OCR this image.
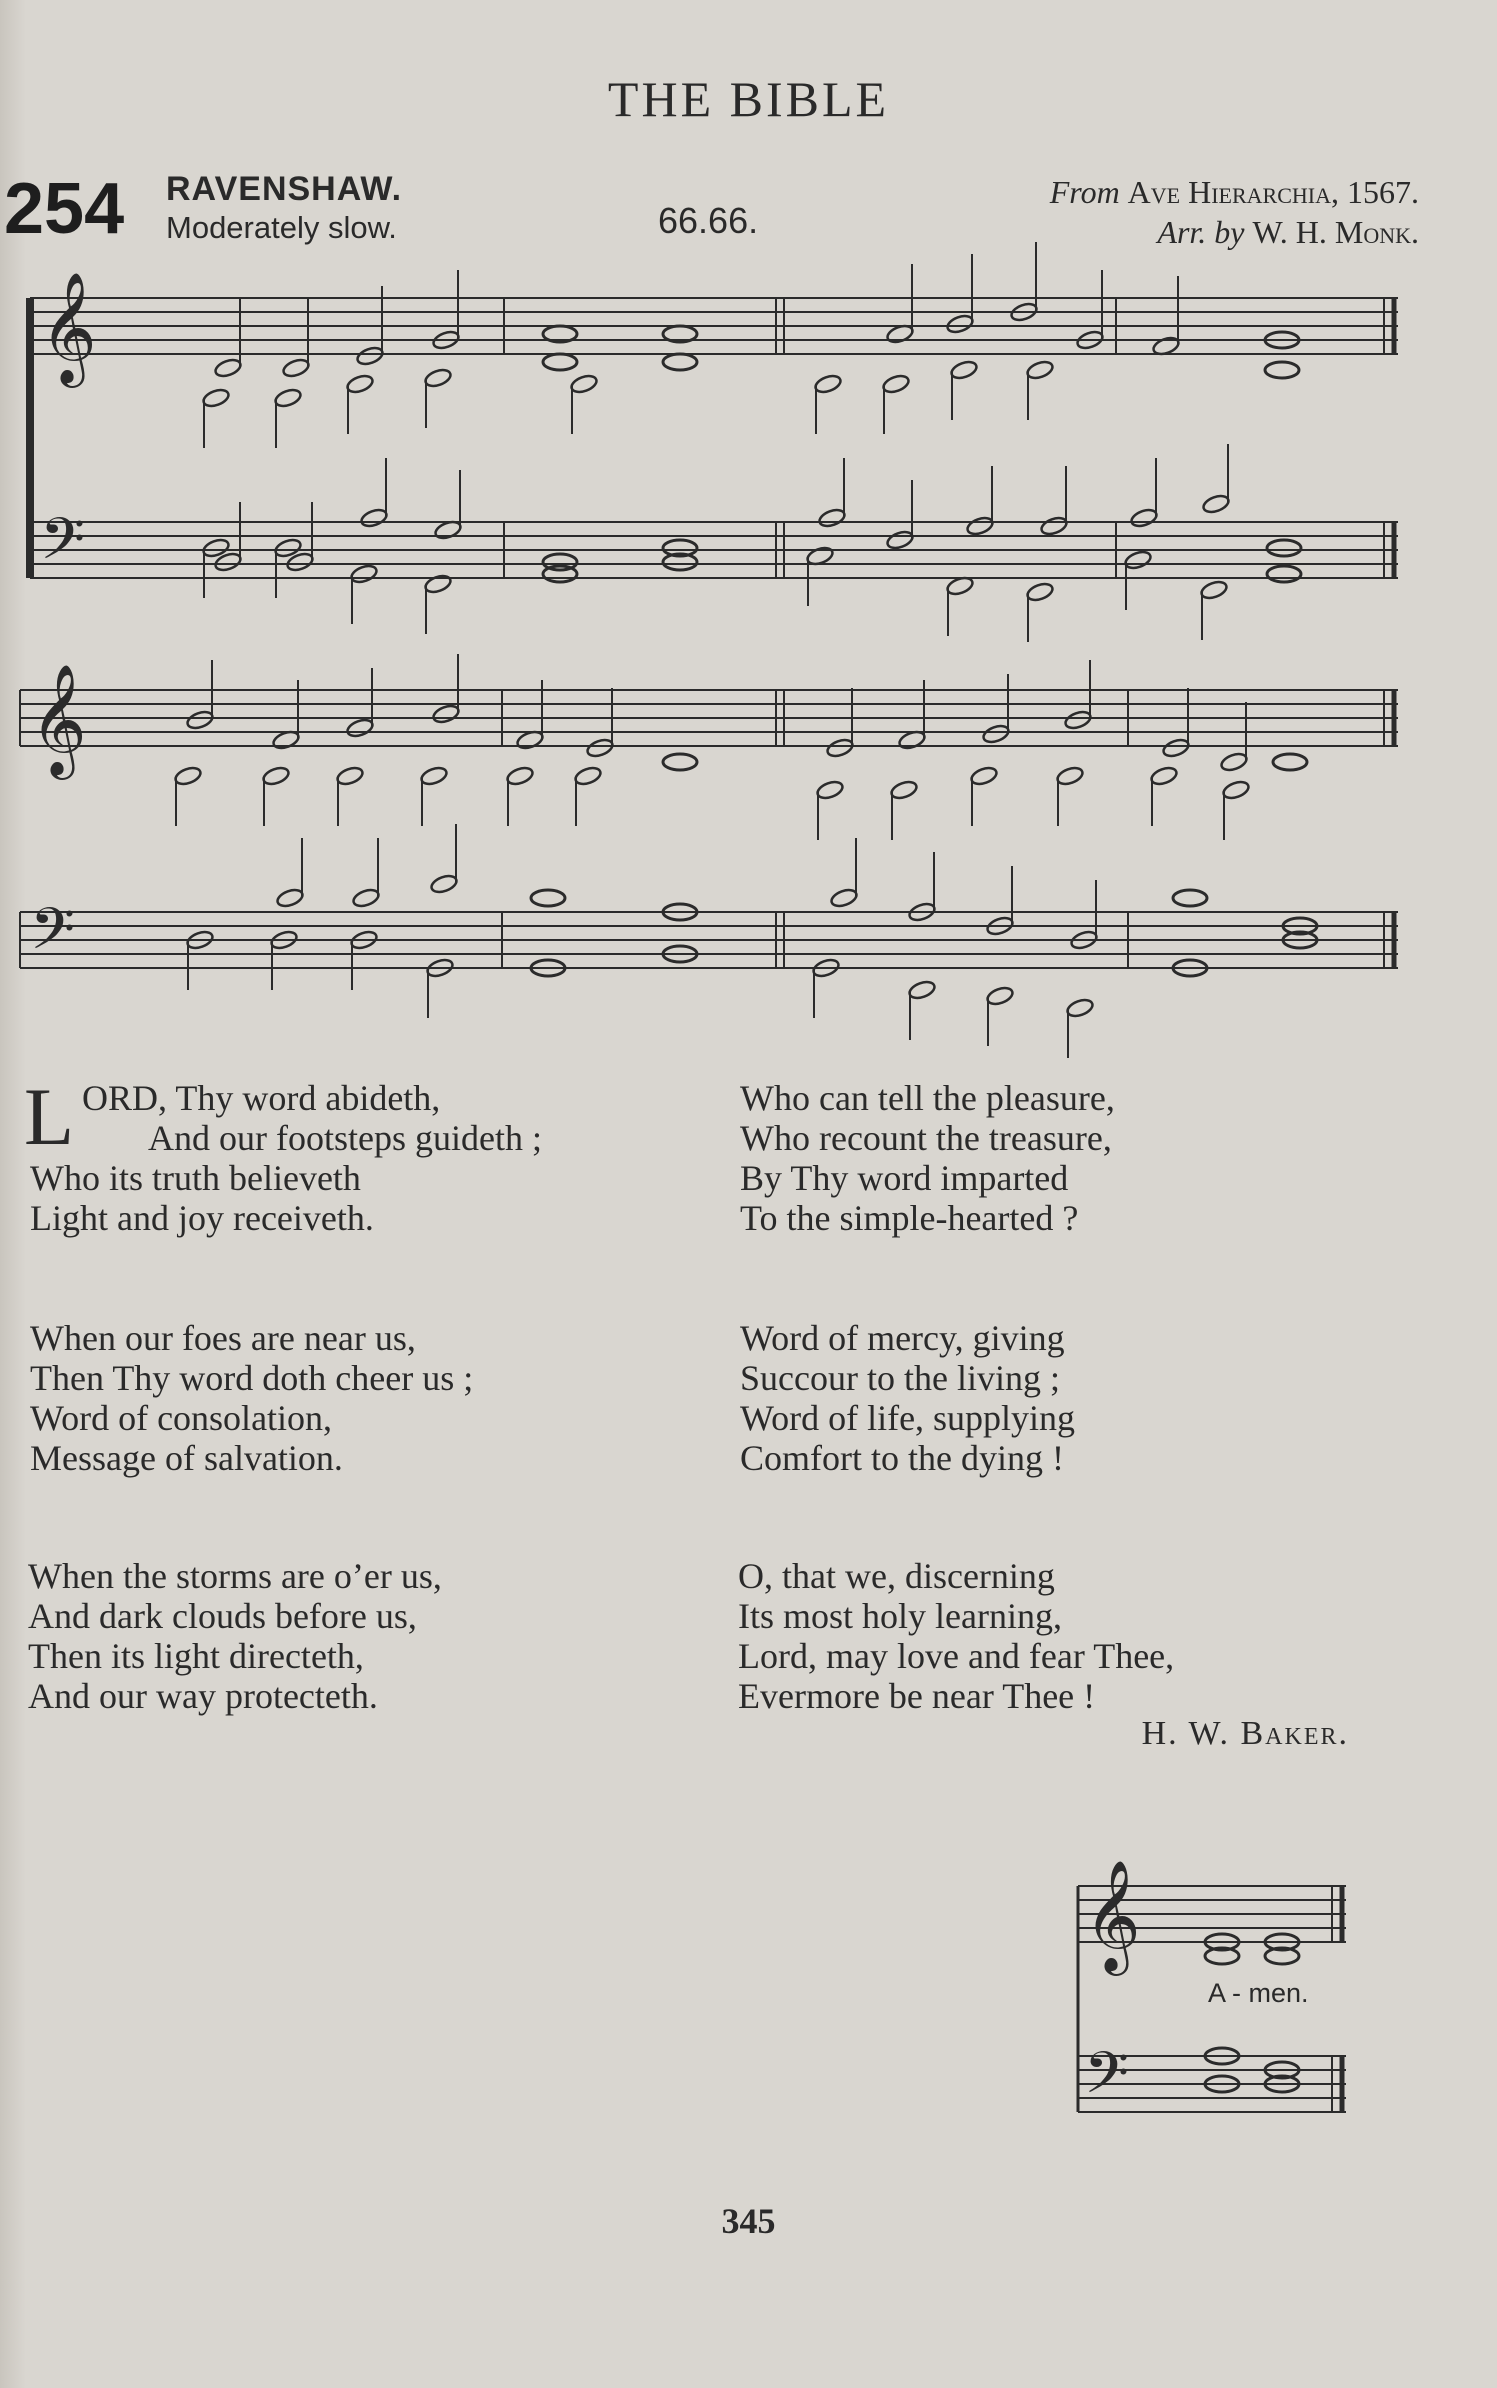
THE BIBLE
254 RAVENSHAW.
Moderately slow.	66.66.
From Ave Hierarchia, 1567.
Arr. by W. H. Monk.
𝄞
𝄢
𝄞
𝄢
𝄞
𝄢
L ORD, Thy word abideth,
And our footsteps guideth ;
Who its truth believeth
Light and joy receiveth.
Who can tell the pleasure,
Who recount the treasure,
By Thy word imparted
To the simple-hearted ?
When our foes are near us,
Then Thy word doth cheer us ;
Word of consolation,
Message of salvation.
Word of mercy, giving
Succour to the living ;
Word of life, supplying
Comfort to the dying !
When the storms are o’er us,
And dark clouds before us,
Then its light directeth,
And our way protecteth.
O, that we, discerning
Its most holy learning,
Lord, may love and fear Thee,
Evermore be near Thee !
H. W. Baker.
A - men.
345
